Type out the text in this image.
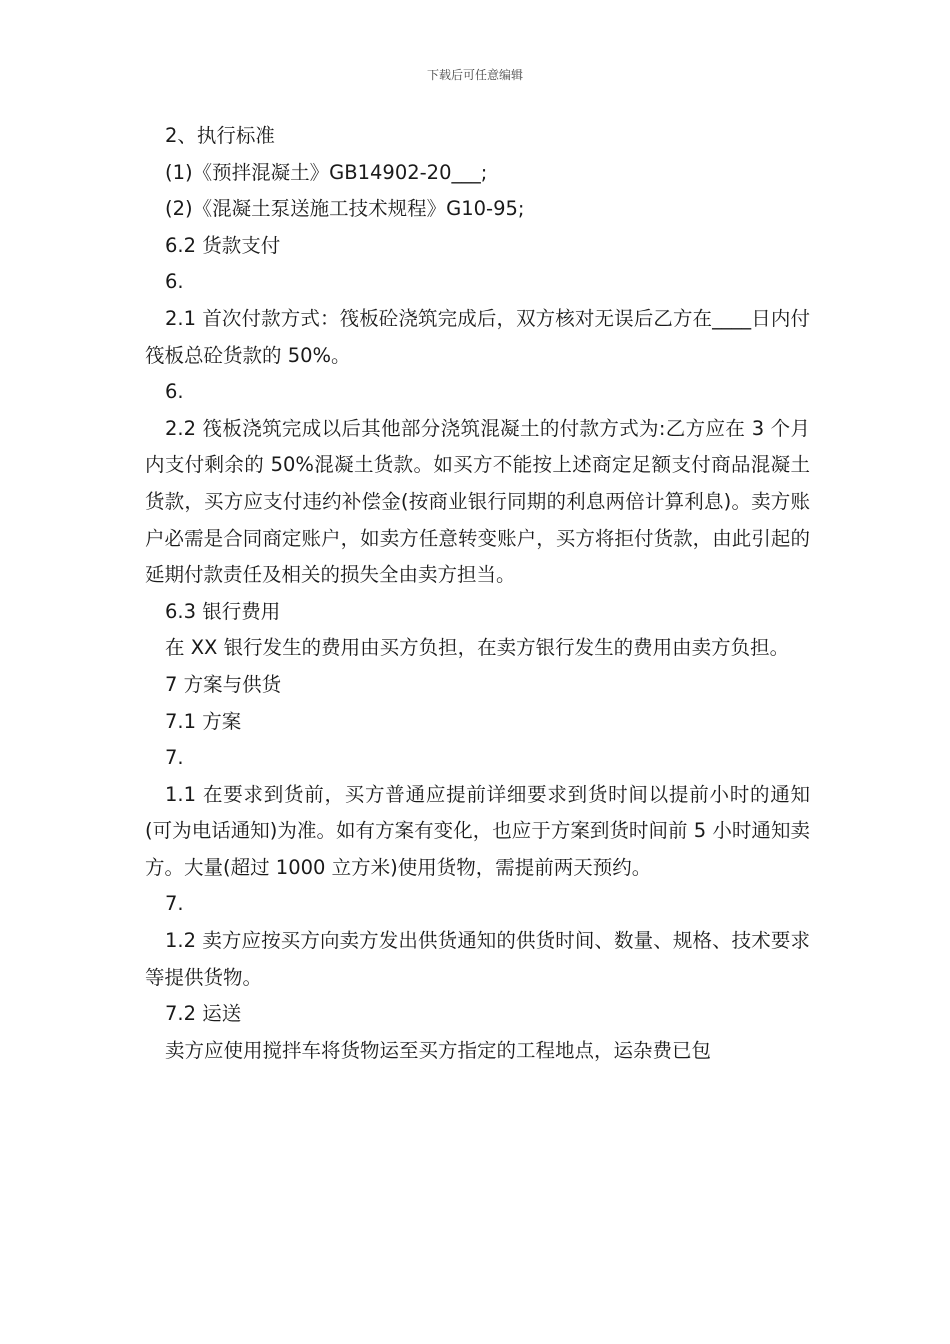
下载后可任意编辑

2、执行标准

(1)《预拌混凝土》GB14902-20___;

(2)《混凝土泵送施工技术规程》G10-95;

6.2 货款支付

6.

2.1 首次付款方式：筏板砼浇筑完成后，双方核对无误后乙方在____日内付筏板总砼货款的 50%。

6.

2.2 筏板浇筑完成以后其他部分浇筑混凝土的付款方式为:乙方应在 3 个月内支付剩余的 50%混凝土货款。如买方不能按上述商定足额支付商品混凝土货款，买方应支付违约补偿金(按商业银行同期的利息两倍计算利息)。卖方账户必需是合同商定账户，如卖方任意转变账户，买方将拒付货款，由此引起的延期付款责任及相关的损失全由卖方担当。

6.3 银行费用

在 XX 银行发生的费用由买方负担，在卖方银行发生的费用由卖方负担。

7 方案与供货

7.1 方案

7.

1.1 在要求到货前，买方普通应提前详细要求到货时间以提前小时的通知(可为电话通知)为准。如有方案有变化，也应于方案到货时间前 5 小时通知卖方。大量(超过 1000 立方米)使用货物，需提前两天预约。

7.

1.2 卖方应按买方向卖方发出供货通知的供货时间、数量、规格、技术要求等提供货物。

7.2 运送

卖方应使用搅拌车将货物运至买方指定的工程地点，运杂费已包
